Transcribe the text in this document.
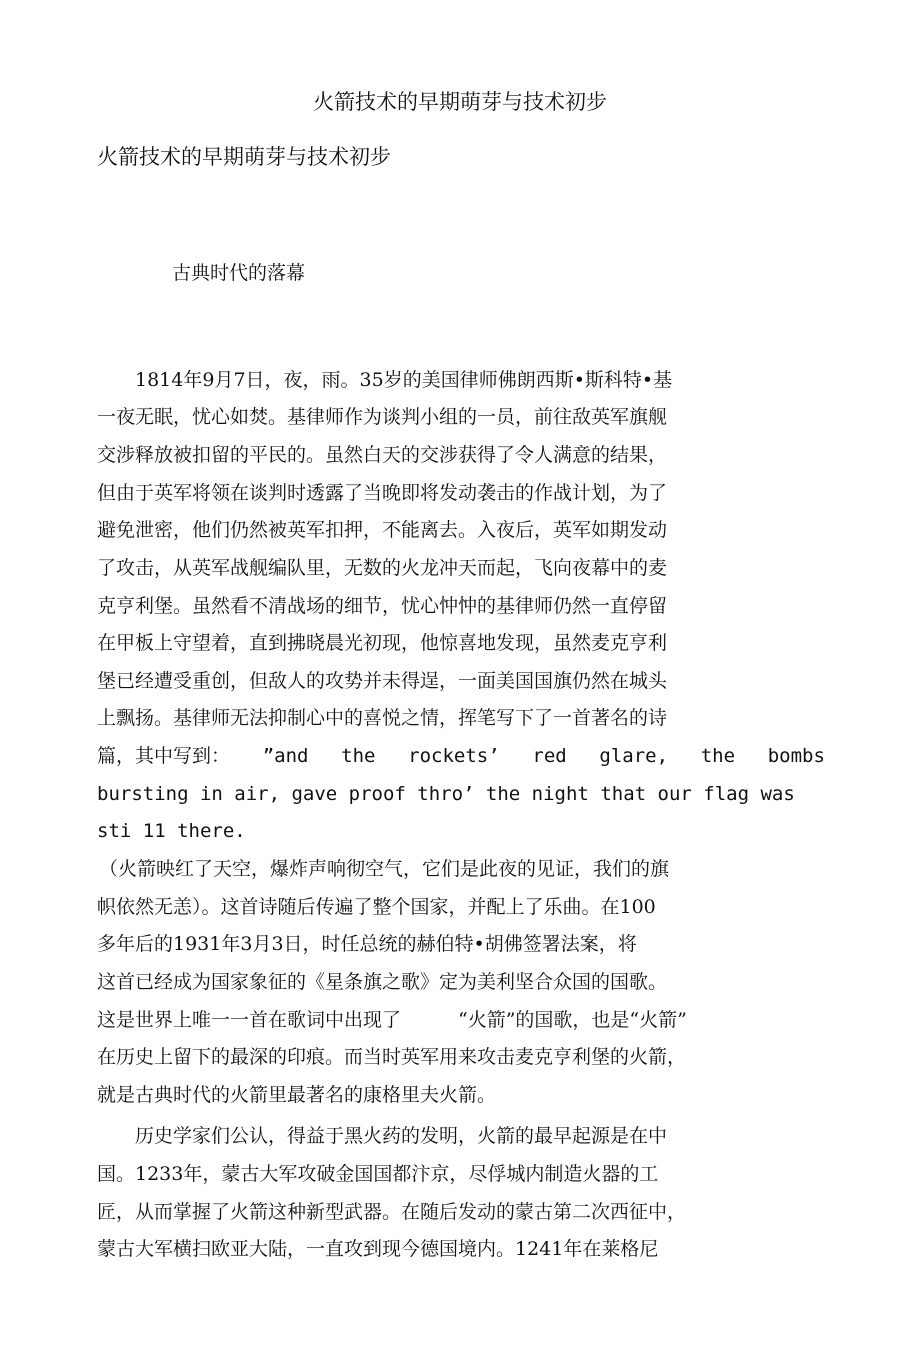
火箭技术的早期萌芽与技术初步
火箭技术的早期萌芽与技术初步
古典时代的落幕
　　1814年9月7日，夜，雨。35岁的美国律师佛朗西斯•斯科特•基
一夜无眠，忧心如焚。基律师作为谈判小组的一员，前往敌英军旗舰
交涉释放被扣留的平民的。虽然白天的交涉获得了令人满意的结果，
但由于英军将领在谈判时透露了当晚即将发动袭击的作战计划，为了
避免泄密，他们仍然被英军扣押，不能离去。入夜后，英军如期发动
了攻击，从英军战舰编队里，无数的火龙冲天而起，飞向夜幕中的麦
克亨利堡。虽然看不清战场的细节，忧心忡忡的基律师仍然一直停留
在甲板上守望着，直到拂晓晨光初现，他惊喜地发现，虽然麦克亨利
堡已经遭受重创，但敌人的攻势并未得逞，一面美国国旗仍然在城头
上飘扬。基律师无法抑制心中的喜悦之情，挥笔写下了一首著名的诗
篇，其中写到： ”and the rockets’ red glare, the bombs
bursting in air, gave proof thro’ the night that our flag was
sti 11 there.
（火箭映红了天空，爆炸声响彻空气，它们是此夜的见证，我们的旗
帜依然无恙）。这首诗随后传遍了整个国家，并配上了乐曲。在100
多年后的1931年3月3日，时任总统的赫伯特•胡佛签署法案，将
这首已经成为国家象征的《星条旗之歌》定为美利坚合众国的国歌。
这是世界上唯一一首在歌词中出现了　　　“火箭”的国歌，也是“火箭”
在历史上留下的最深的印痕。而当时英军用来攻击麦克亨利堡的火箭，
就是古典时代的火箭里最著名的康格里夫火箭。
　　历史学家们公认，得益于黑火药的发明，火箭的最早起源是在中
国。1233年，蒙古大军攻破金国国都汴京，尽俘城内制造火器的工
匠，从而掌握了火箭这种新型武器。在随后发动的蒙古第二次西征中，
蒙古大军横扫欧亚大陆，一直攻到现今德国境内。1241年在莱格尼
